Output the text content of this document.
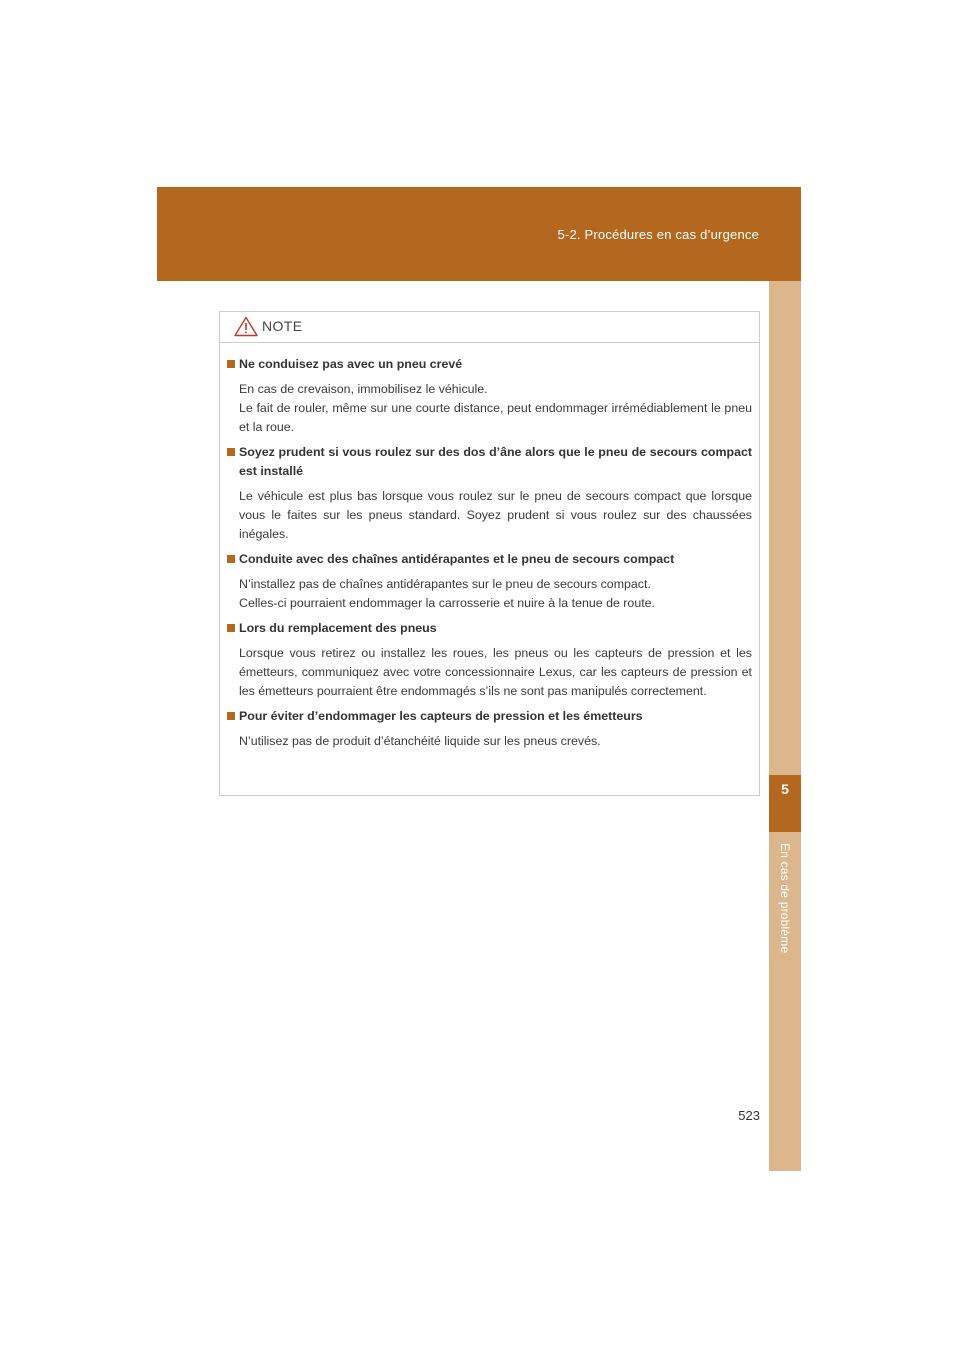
5-2. Procédures en cas d’urgence
5
En cas de problème
NOTE
Ne conduisez pas avec un pneu crevé
En cas de crevaison, immobilisez le véhicule.
Le fait de rouler, même sur une courte distance, peut endommager irrémédiablement le pneu et la roue.
Soyez prudent si vous roulez sur des dos d’âne alors que le pneu de secours compact est installé
Le véhicule est plus bas lorsque vous roulez sur le pneu de secours compact que lorsque vous le faites sur les pneus standard. Soyez prudent si vous roulez sur des chaussées inégales.
Conduite avec des chaînes antidérapantes et le pneu de secours compact
N’installez pas de chaînes antidérapantes sur le pneu de secours compact.
Celles-ci pourraient endommager la carrosserie et nuire à la tenue de route.
Lors du remplacement des pneus
Lorsque vous retirez ou installez les roues, les pneus ou les capteurs de pression et les émetteurs, communiquez avec votre concessionnaire Lexus, car les capteurs de pression et les émetteurs pourraient être endommagés s’ils ne sont pas manipulés correctement.
Pour éviter d’endommager les capteurs de pression et les émetteurs
N’utilisez pas de produit d’étanchéité liquide sur les pneus crevés.
523
